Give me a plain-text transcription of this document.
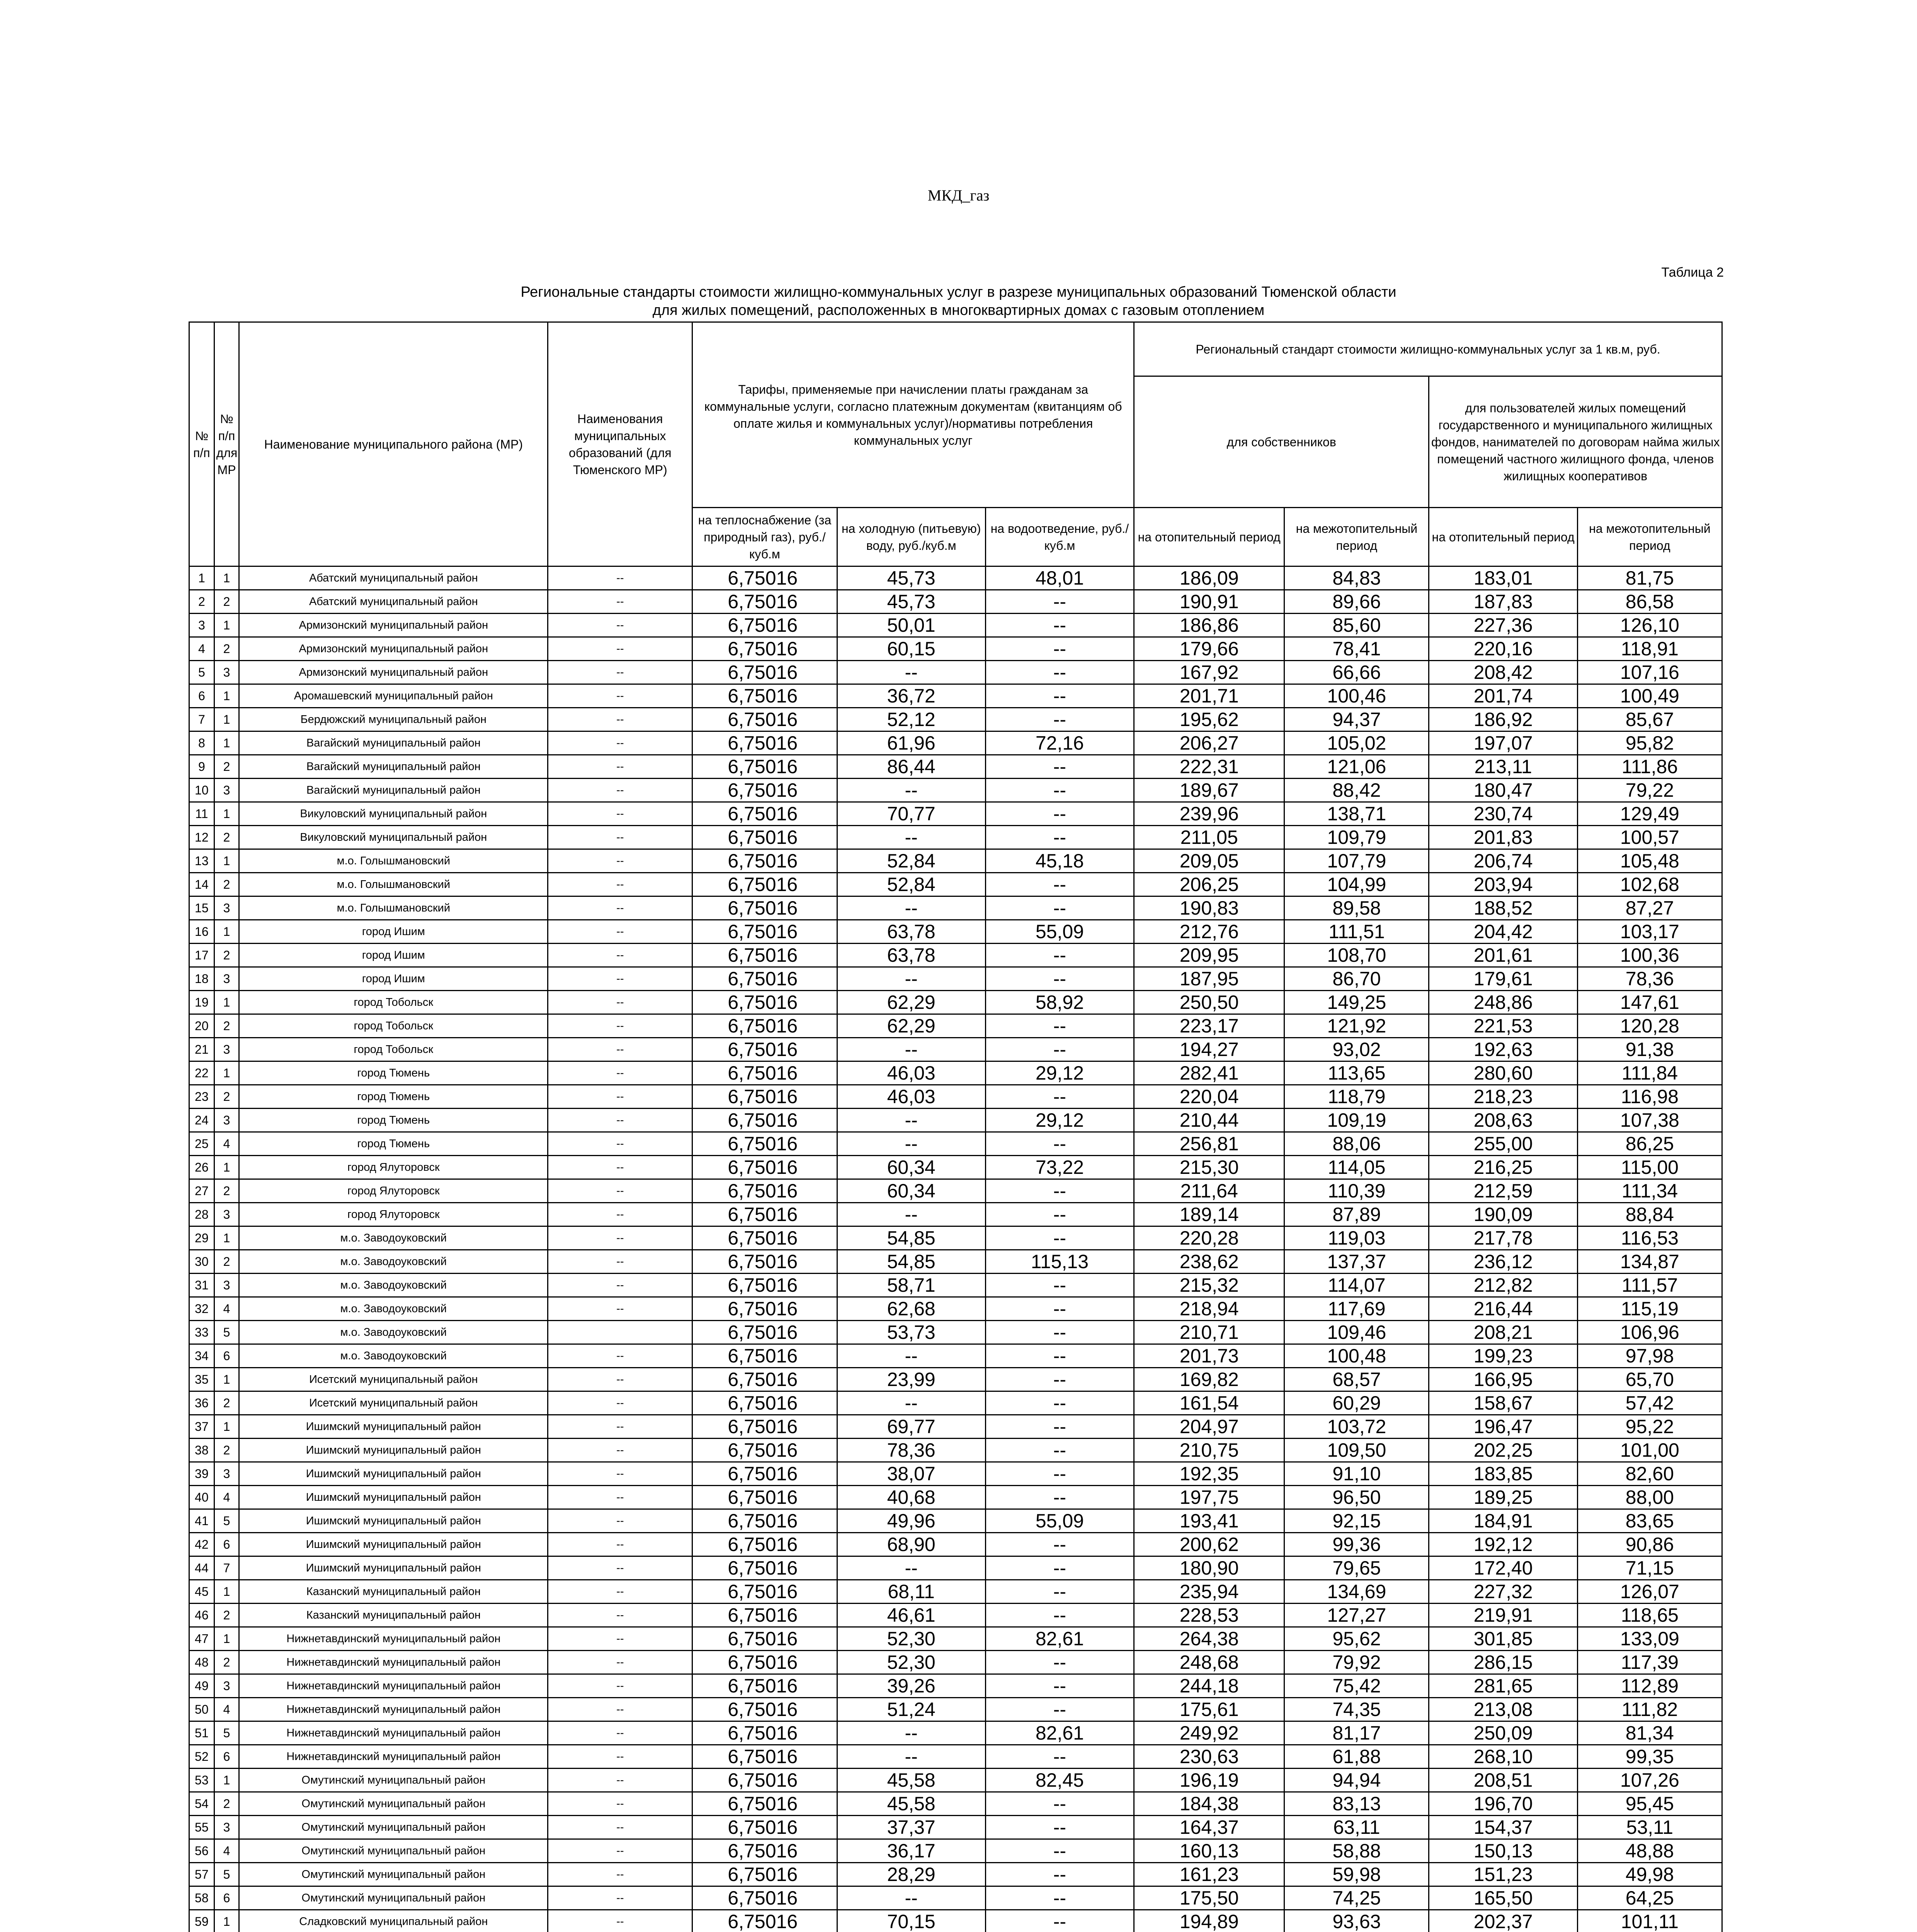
МКД_газ
Таблица 2
Региональные стандарты стоимости жилищно-коммунальных услуг в разрезе муниципальных образований Тюменской области
для жилых помещений, расположенных в многоквартирных домах с газовым отоплением
№ п/п	№ п/п для МР	Наименование муниципального района (МР)	Наименования муниципальных образований (для Тюменского МР)	Тарифы, применяемые при начислении платы гражданам за коммунальные услуги, согласно платежным документам (квитанциям об оплате жилья и коммунальных услуг)/нормативы потребления коммунальных услуг			Региональный стандарт стоимости жилищно-коммунальных услуг за 1 кв.м, руб.			
							для собственников		для пользователей жилых помещений государственного и муниципального жилищных фондов, нанимателей по договорам найма жилых помещений частного жилищного фонда, членов жилищных кооперативов	
				на теплоснабжение (за природный газ), руб./куб.м	на холодную (питьевую) воду, руб./куб.м	на водоотведение, руб./куб.м	на отопительный период	на межотопительный период	на отопительный период	на межотопительный период
1	1	Абатский муниципальный район	--	6,75016	45,73	48,01	186,09	84,83	183,01	81,75
2	2	Абатский муниципальный район	--	6,75016	45,73	--	190,91	89,66	187,83	86,58
3	1	Армизонский муниципальный район	--	6,75016	50,01	--	186,86	85,60	227,36	126,10
4	2	Армизонский муниципальный район	--	6,75016	60,15	--	179,66	78,41	220,16	118,91
5	3	Армизонский муниципальный район	--	6,75016	--	--	167,92	66,66	208,42	107,16
6	1	Аромашевский муниципальный район	--	6,75016	36,72	--	201,71	100,46	201,74	100,49
7	1	Бердюжский муниципальный район	--	6,75016	52,12	--	195,62	94,37	186,92	85,67
8	1	Вагайский муниципальный район	--	6,75016	61,96	72,16	206,27	105,02	197,07	95,82
9	2	Вагайский муниципальный район	--	6,75016	86,44	--	222,31	121,06	213,11	111,86
10	3	Вагайский муниципальный район	--	6,75016	--	--	189,67	88,42	180,47	79,22
11	1	Викуловский муниципальный район	--	6,75016	70,77	--	239,96	138,71	230,74	129,49
12	2	Викуловский муниципальный район	--	6,75016	--	--	211,05	109,79	201,83	100,57
13	1	м.о. Голышмановский	--	6,75016	52,84	45,18	209,05	107,79	206,74	105,48
14	2	м.о. Голышмановский	--	6,75016	52,84	--	206,25	104,99	203,94	102,68
15	3	м.о. Голышмановский	--	6,75016	--	--	190,83	89,58	188,52	87,27
16	1	город Ишим	--	6,75016	63,78	55,09	212,76	111,51	204,42	103,17
17	2	город Ишим	--	6,75016	63,78	--	209,95	108,70	201,61	100,36
18	3	город Ишим	--	6,75016	--	--	187,95	86,70	179,61	78,36
19	1	город Тобольск	--	6,75016	62,29	58,92	250,50	149,25	248,86	147,61
20	2	город Тобольск	--	6,75016	62,29	--	223,17	121,92	221,53	120,28
21	3	город Тобольск	--	6,75016	--	--	194,27	93,02	192,63	91,38
22	1	город Тюмень	--	6,75016	46,03	29,12	282,41	113,65	280,60	111,84
23	2	город Тюмень	--	6,75016	46,03	--	220,04	118,79	218,23	116,98
24	3	город Тюмень	--	6,75016	--	29,12	210,44	109,19	208,63	107,38
25	4	город Тюмень	--	6,75016	--	--	256,81	88,06	255,00	86,25
26	1	город Ялуторовск	--	6,75016	60,34	73,22	215,30	114,05	216,25	115,00
27	2	город Ялуторовск	--	6,75016	60,34	--	211,64	110,39	212,59	111,34
28	3	город Ялуторовск	--	6,75016	--	--	189,14	87,89	190,09	88,84
29	1	м.о. Заводоуковский	--	6,75016	54,85	--	220,28	119,03	217,78	116,53
30	2	м.о. Заводоуковский	--	6,75016	54,85	115,13	238,62	137,37	236,12	134,87
31	3	м.о. Заводоуковский	--	6,75016	58,71	--	215,32	114,07	212,82	111,57
32	4	м.о. Заводоуковский	--	6,75016	62,68	--	218,94	117,69	216,44	115,19
33	5	м.о. Заводоуковский		6,75016	53,73	--	210,71	109,46	208,21	106,96
34	6	м.о. Заводоуковский	--	6,75016	--	--	201,73	100,48	199,23	97,98
35	1	Исетский муниципальный район	--	6,75016	23,99	--	169,82	68,57	166,95	65,70
36	2	Исетский муниципальный район	--	6,75016	--	--	161,54	60,29	158,67	57,42
37	1	Ишимский муниципальный район	--	6,75016	69,77	--	204,97	103,72	196,47	95,22
38	2	Ишимский муниципальный район	--	6,75016	78,36	--	210,75	109,50	202,25	101,00
39	3	Ишимский муниципальный район	--	6,75016	38,07	--	192,35	91,10	183,85	82,60
40	4	Ишимский муниципальный район	--	6,75016	40,68	--	197,75	96,50	189,25	88,00
41	5	Ишимский муниципальный район	--	6,75016	49,96	55,09	193,41	92,15	184,91	83,65
42	6	Ишимский муниципальный район	--	6,75016	68,90	--	200,62	99,36	192,12	90,86
44	7	Ишимский муниципальный район	--	6,75016	--	--	180,90	79,65	172,40	71,15
45	1	Казанский муниципальный район	--	6,75016	68,11	--	235,94	134,69	227,32	126,07
46	2	Казанский муниципальный район	--	6,75016	46,61	--	228,53	127,27	219,91	118,65
47	1	Нижнетавдинский муниципальный район	--	6,75016	52,30	82,61	264,38	95,62	301,85	133,09
48	2	Нижнетавдинский муниципальный район	--	6,75016	52,30	--	248,68	79,92	286,15	117,39
49	3	Нижнетавдинский муниципальный район	--	6,75016	39,26	--	244,18	75,42	281,65	112,89
50	4	Нижнетавдинский муниципальный район	--	6,75016	51,24	--	175,61	74,35	213,08	111,82
51	5	Нижнетавдинский муниципальный район	--	6,75016	--	82,61	249,92	81,17	250,09	81,34
52	6	Нижнетавдинский муниципальный район	--	6,75016	--	--	230,63	61,88	268,10	99,35
53	1	Омутинский муниципальный район	--	6,75016	45,58	82,45	196,19	94,94	208,51	107,26
54	2	Омутинский муниципальный район	--	6,75016	45,58	--	184,38	83,13	196,70	95,45
55	3	Омутинский муниципальный район	--	6,75016	37,37	--	164,37	63,11	154,37	53,11
56	4	Омутинский муниципальный район	--	6,75016	36,17	--	160,13	58,88	150,13	48,88
57	5	Омутинский муниципальный район	--	6,75016	28,29	--	161,23	59,98	151,23	49,98
58	6	Омутинский муниципальный район	--	6,75016	--	--	175,50	74,25	165,50	64,25
59	1	Сладковский муниципальный район	--	6,75016	70,15	--	194,89	93,63	202,37	101,11
